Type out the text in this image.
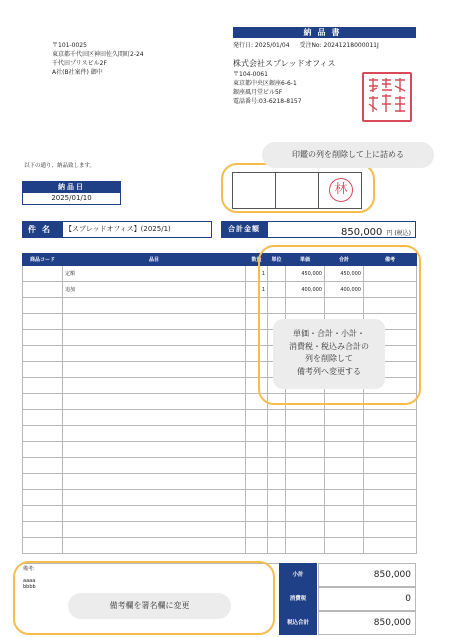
納品書
発行日: 2025/01/04 受注No: 20241218000011J
〒101-0025
東京都千代田区神田佐久間町2-24
千代田プリスビル2F
A社(B社案件) 御中
株式会社スプレッドオフィス
〒104-0061
東京都中央区銀座6-6-1
銀座風月堂ビル5F
電話番号:03-6218-8157
以下の通り、納品致します。
納品日
2025/01/10
林
件名	【スプレッドオフィス】(2025/1)	合計金額	850,000 円 (税込)
商品コード	品目	数量	単位	単価	合計	備考
	定額	1		450,000	450,000	
	追加	1		400,000	400,000	

備考:
aaaa
bbbb
小計	850,000
消費税	0
税込合計	850,000
印鑑の列を削除して上に詰める
単価・合計・小計・
消費税・税込み合計の
列を削除して
備考列へ変更する
備考欄を署名欄に変更
